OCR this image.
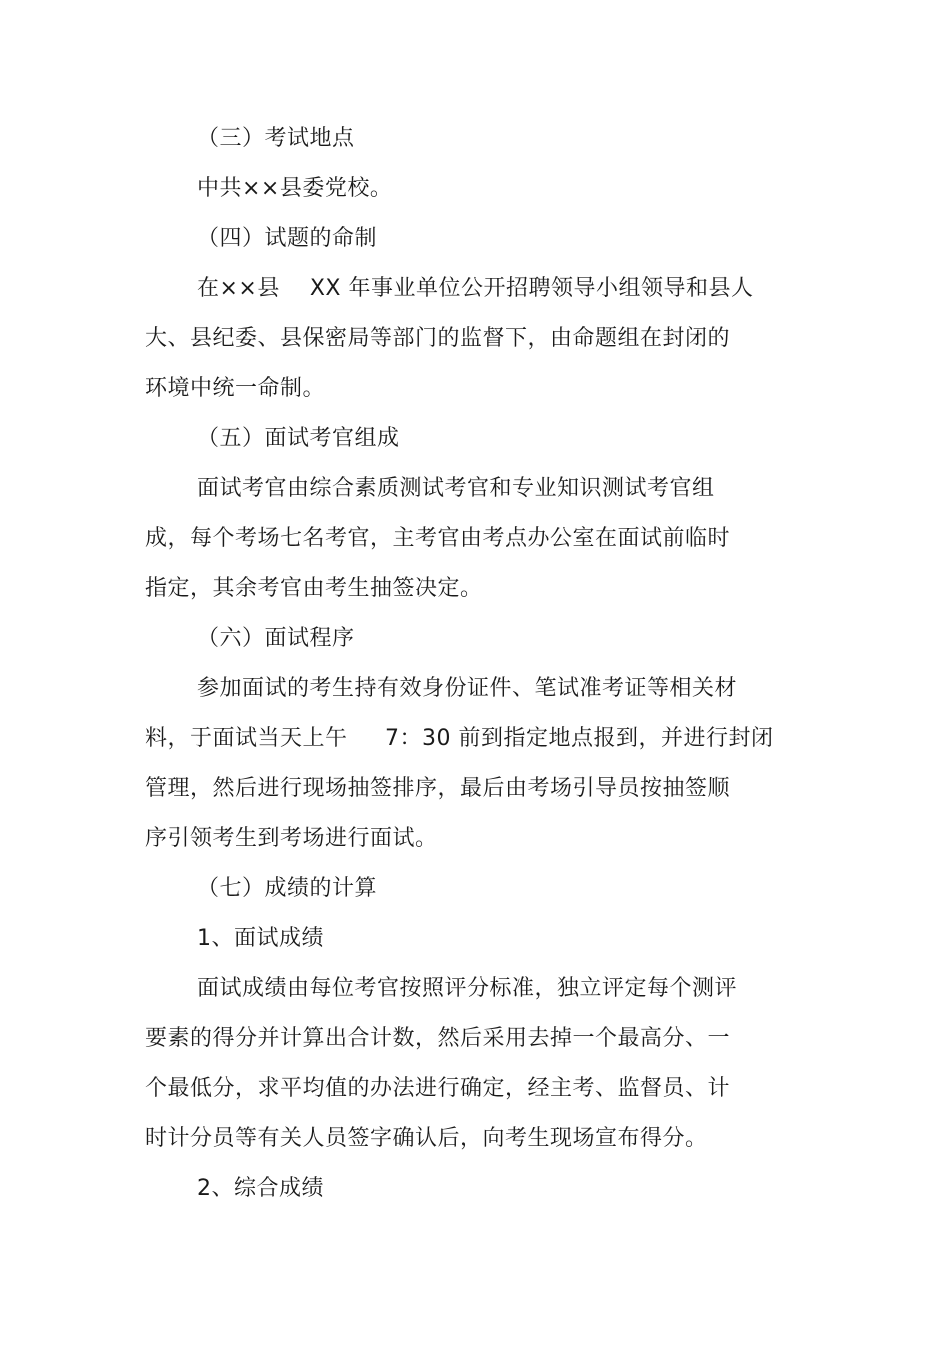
（三）考试地点
中共××县委党校。
（四）试题的命制
在××县    XX 年事业单位公开招聘领导小组领导和县人
大、县纪委、县保密局等部门的监督下，由命题组在封闭的
环境中统一命制。
（五）面试考官组成
面试考官由综合素质测试考官和专业知识测试考官组
成，每个考场七名考官，主考官由考点办公室在面试前临时
指定，其余考官由考生抽签决定。
（六）面试程序
参加面试的考生持有效身份证件、笔试准考证等相关材
料，于面试当天上午     7：30 前到指定地点报到，并进行封闭
管理，然后进行现场抽签排序，最后由考场引导员按抽签顺
序引领考生到考场进行面试。
（七）成绩的计算
1、面试成绩
面试成绩由每位考官按照评分标准，独立评定每个测评
要素的得分并计算出合计数，然后采用去掉一个最高分、一
个最低分，求平均值的办法进行确定，经主考、监督员、计
时计分员等有关人员签字确认后，向考生现场宣布得分。
2、综合成绩
